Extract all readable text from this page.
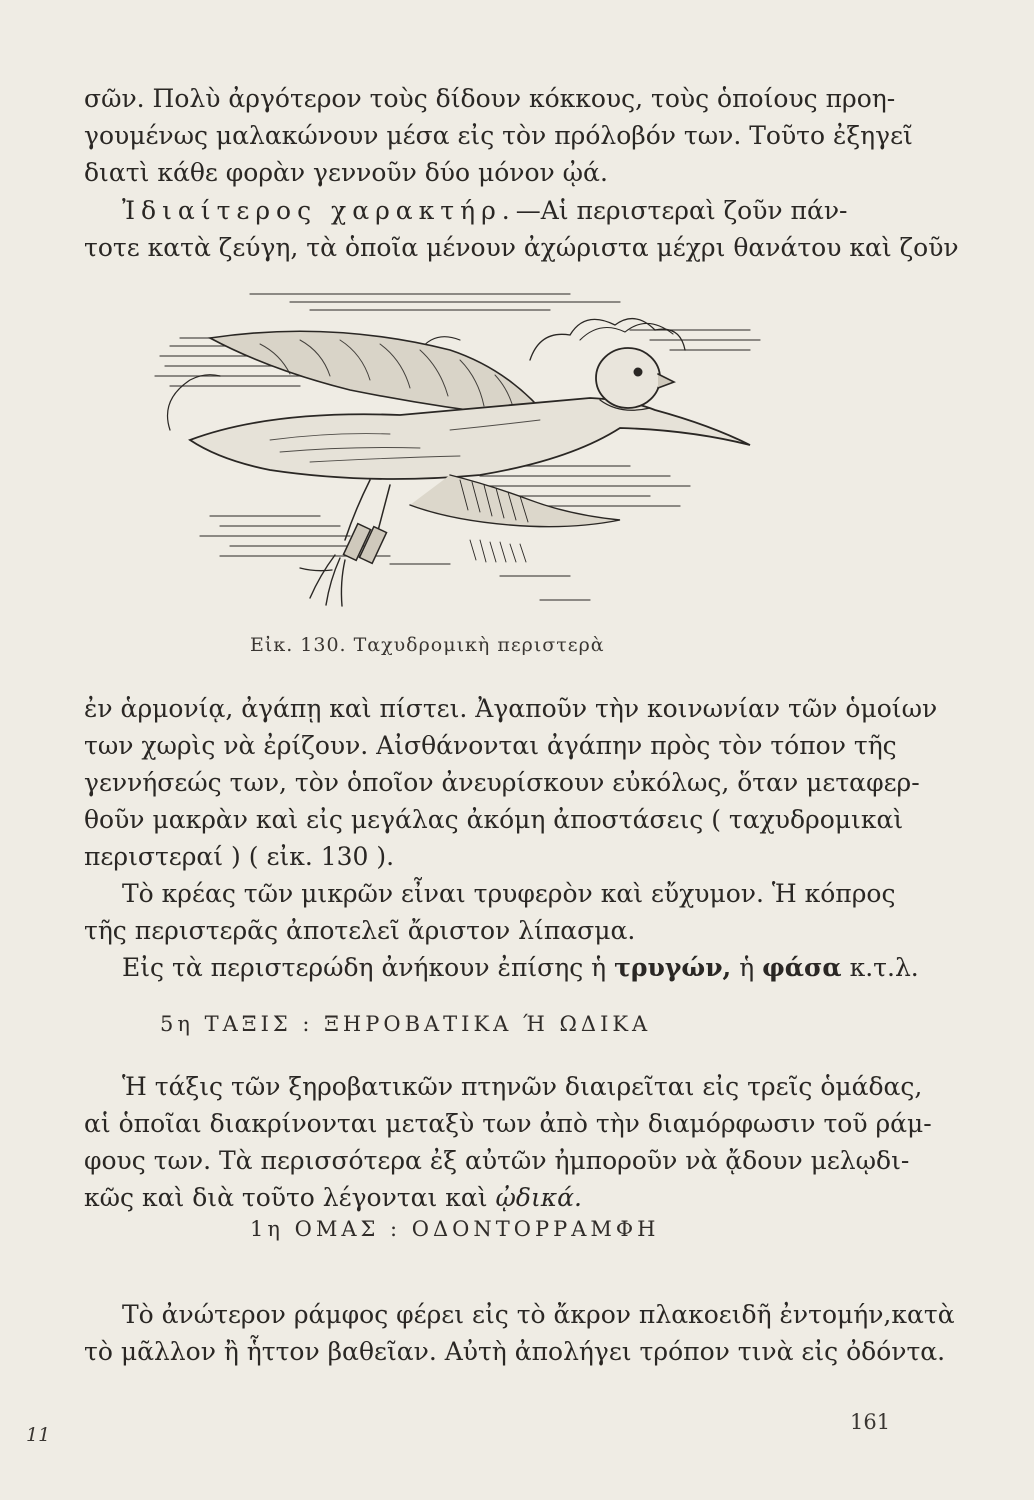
σῶν. Πολὺ ἀργότερον τοὺς δίδουν κόκκους, τοὺς ὁποίους προη-
γουμένως μαλακώνουν μέσα εἰς τὸν πρόλοβόν των. Τοῦτο ἐξηγεῖ
διατὶ κάθε φορὰν γεννοῦν δύο μόνον ᾠά.

Ἰδιαίτερος χαρακτήρ.—Αἱ περιστεραὶ ζοῦν πάν-
τοτε κατὰ ζεύγη, τὰ ὁποῖα μένουν ἀχώριστα μέχρι θανάτου καὶ ζοῦν

Εἰκ. 130. Ταχυδρομικὴ περιστερὰ

ἐν ἁρμονίᾳ, ἀγάπῃ καὶ πίστει. Ἀγαποῦν τὴν κοινωνίαν τῶν ὁμοίων
των χωρὶς νὰ ἐρίζουν. Αἰσθάνονται ἀγάπην πρὸς τὸν τόπον τῆς
γεννήσεώς των, τὸν ὁποῖον ἀνευρίσκουν εὐκόλως, ὅταν μεταφερ-
θοῦν μακρὰν καὶ εἰς μεγάλας ἀκόμη ἀποστάσεις ( ταχυδρομικαὶ
περιστεραί ) ( εἰκ. 130 ).

Τὸ κρέας τῶν μικρῶν εἶναι τρυφερὸν καὶ εὔχυμον. Ἡ κόπρος
τῆς περιστερᾶς ἀποτελεῖ ἄριστον λίπασμα.

Εἰς τὰ περιστερώδη ἀνήκουν ἐπίσης ἡ τρυγών, ἡ φάσα κ.τ.λ.

5η ΤΑΞΙΣ : ΞΗΡΟΒΑΤΙΚΑ Ή ΩΔΙΚΑ

Ἡ τάξις τῶν ξηροβατικῶν πτηνῶν διαιρεῖται εἰς τρεῖς ὁμάδας,
αἱ ὁποῖαι διακρίνονται μεταξὺ των ἀπὸ τὴν διαμόρφωσιν τοῦ ράμ-
φους των. Τὰ περισσότερα ἐξ αὐτῶν ἠμποροῦν νὰ ᾄδουν μελῳδι-
κῶς καὶ διὰ τοῦτο λέγονται καὶ ᾠδικά.

1η ΟΜΑΣ : ΟΔΟΝΤΟΡΡΑΜΦΗ

Τὸ ἀνώτερον ράμφος φέρει εἰς τὸ ἄκρον πλακοειδῆ ἐντομήν,κατὰ
τὸ μᾶλλον ἢ ἧττον βαθεῖαν. Αὐτὴ ἀπολήγει τρόπον τινὰ εἰς ὀδόντα.

161
11
